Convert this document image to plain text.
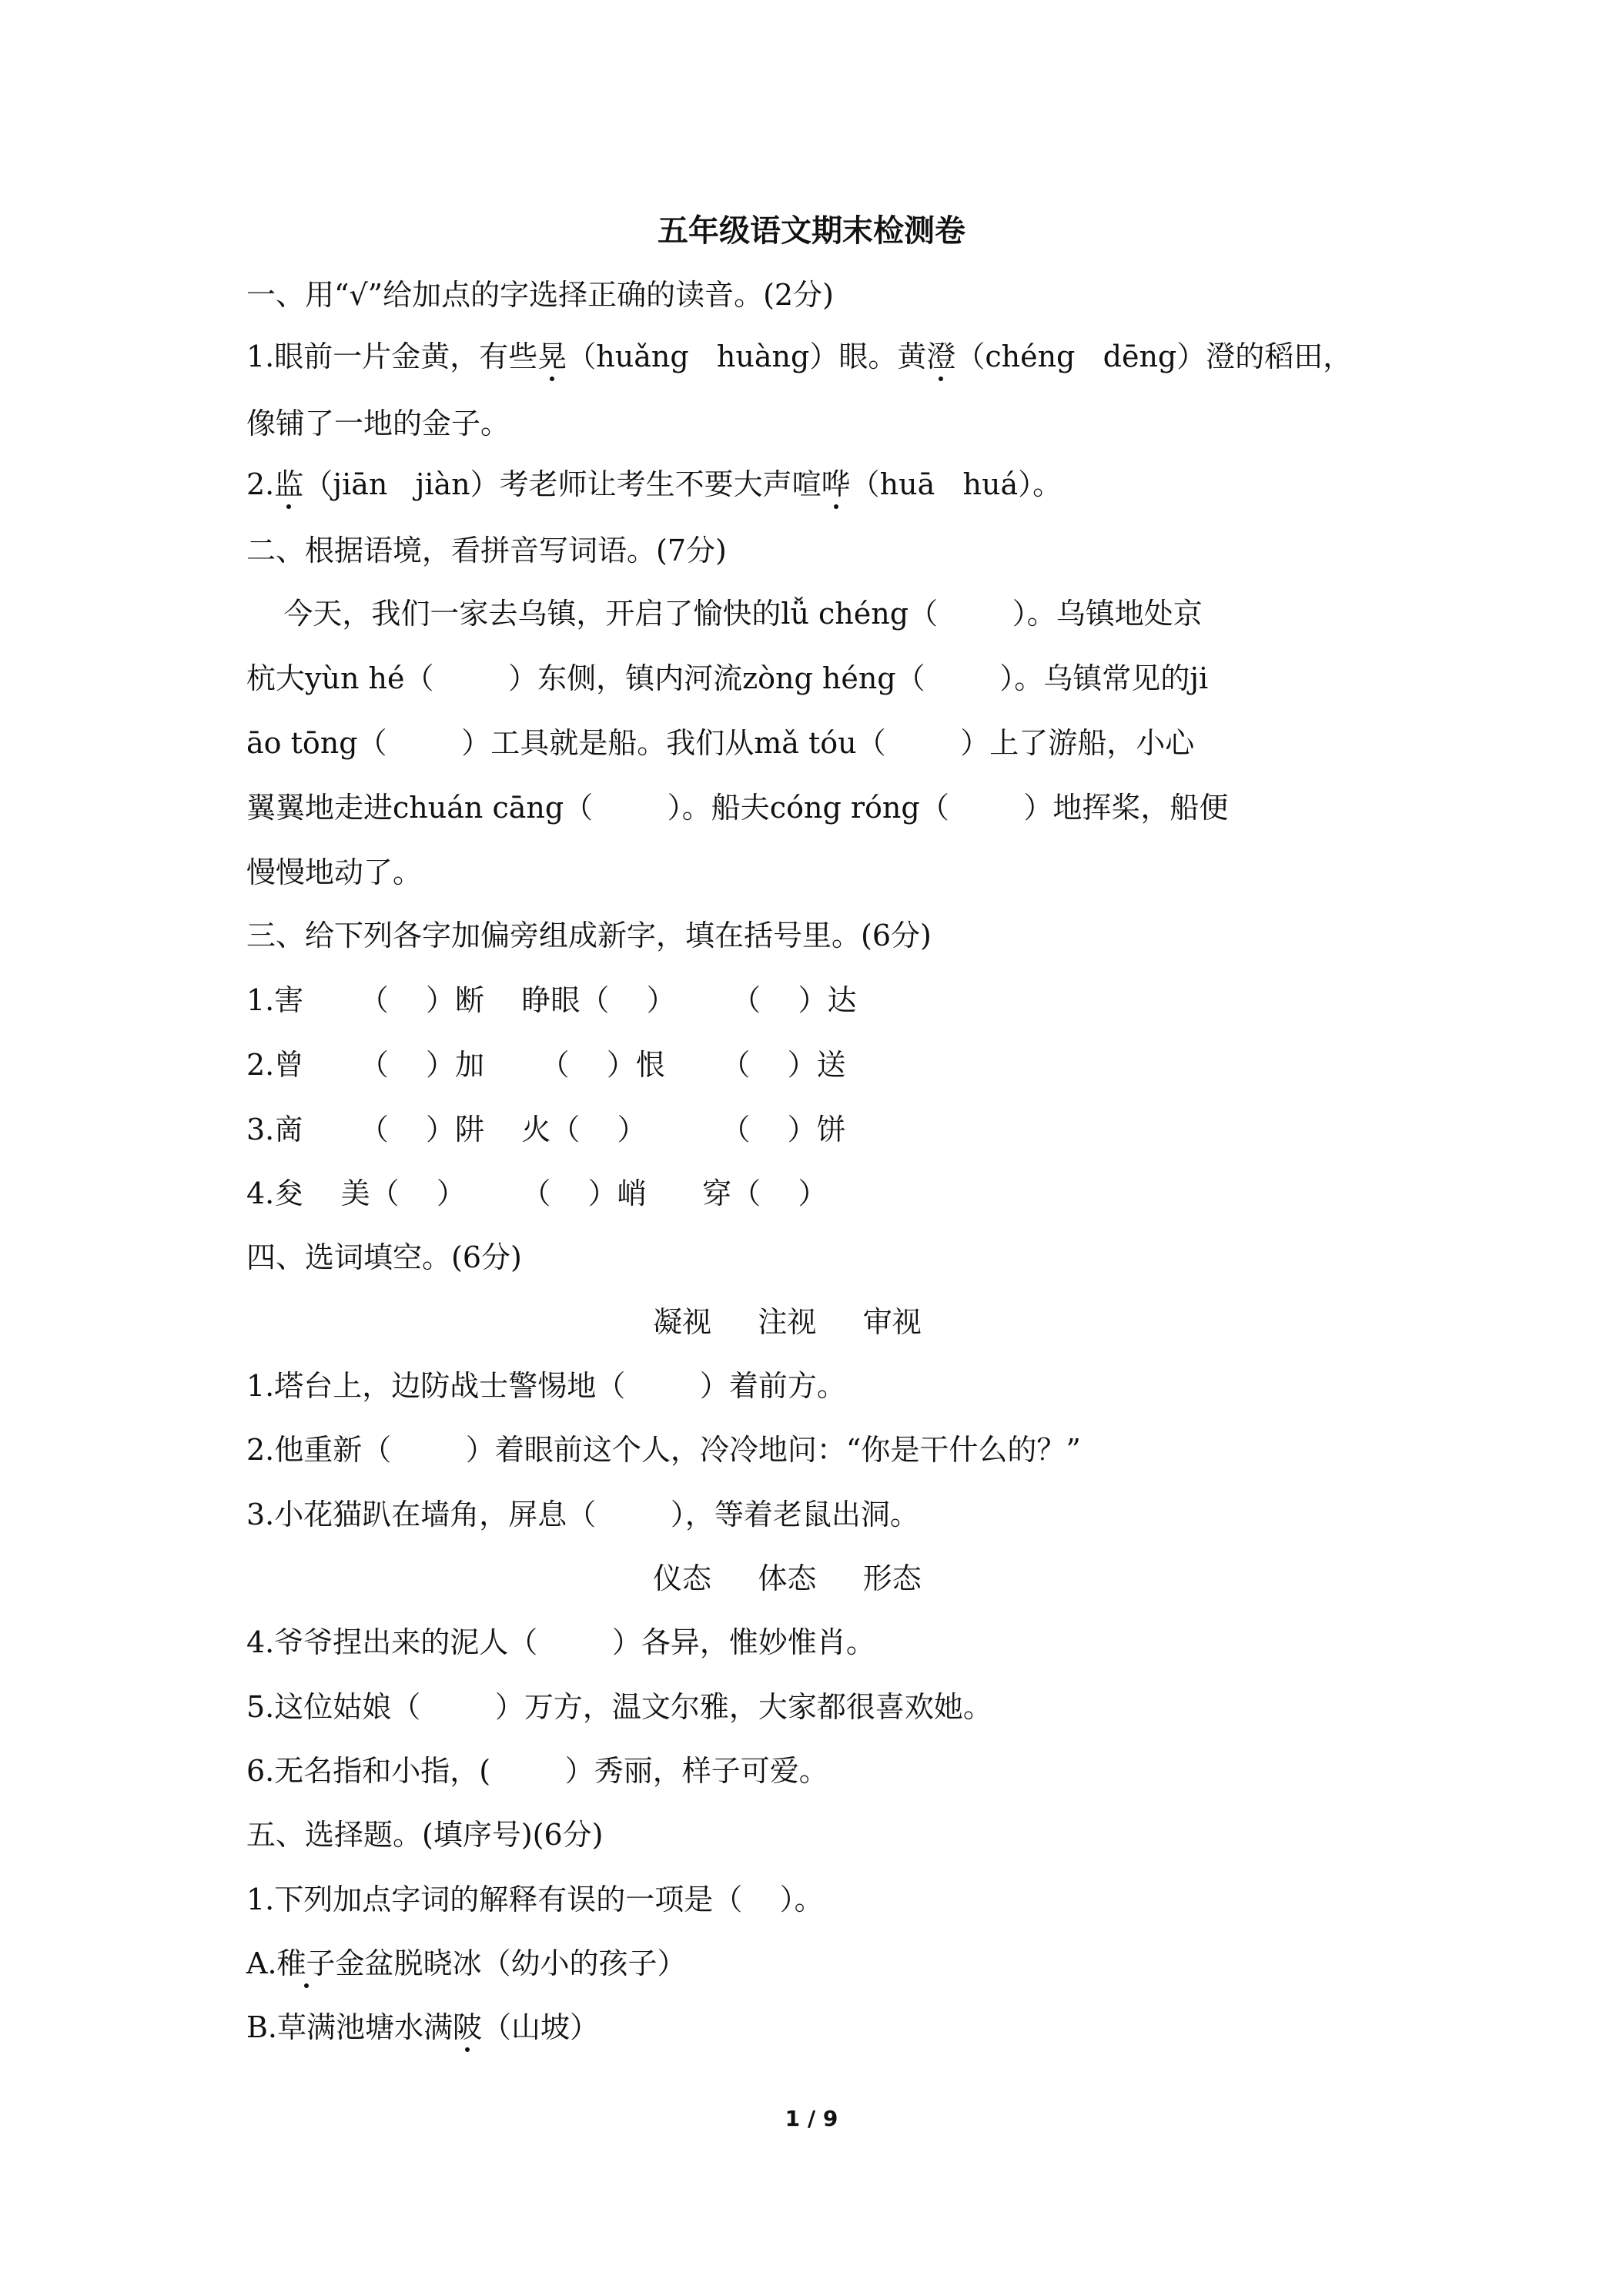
五年级语文期末检测卷
一、用“√”给加点的字选择正确的读音。(2分)
1.眼前一片金黄，有些晃（huǎng   huàng）眼。黄澄（chéng   dēng）澄的稻田，
像铺了一地的金子。
2.监（jiān   jiàn）考老师让考生不要大声喧哗（huā   huá）。
二、根据语境，看拼音写词语。(7分)
今天，我们一家去乌镇，开启了愉快的lǚ chéng（        ）。乌镇地处京
杭大yùn hé（        ）东侧，镇内河流zòng héng（        ）。乌镇常见的ji
āo tōng（        ）工具就是船。我们从mǎ tóu（        ）上了游船，小心
翼翼地走进chuán cāng（        ）。船夫cóng róng（        ）地挥桨，船便
慢慢地动了。
三、给下列各字加偏旁组成新字，填在括号里。(6分)
1.害      （    ）断    睁眼（    ）      （    ）达
2.曾      （    ）加      （    ）恨      （    ）送
3.啇      （    ）阱    火（    ）        （    ）饼
4.夋    美（    ）      （    ）峭      穿（    ）
四、选词填空。(6分)
凝视     注视     审视
1.塔台上，边防战士警惕地（        ）着前方。
2.他重新（        ）着眼前这个人，冷冷地问：“你是干什么的？”
3.小花猫趴在墙角，屏息（        ），等着老鼠出洞。
仪态     体态     形态
4.爷爷捏出来的泥人（        ）各异，惟妙惟肖。
5.这位姑娘（        ）万方，温文尔雅，大家都很喜欢她。
6.无名指和小指，(        ）秀丽，样子可爱。
五、选择题。(填序号)(6分)
1.下列加点字词的解释有误的一项是（    ）。
A.稚子金盆脱晓冰（幼小的孩子）
B.草满池塘水满陂（山坡）
1 / 9
